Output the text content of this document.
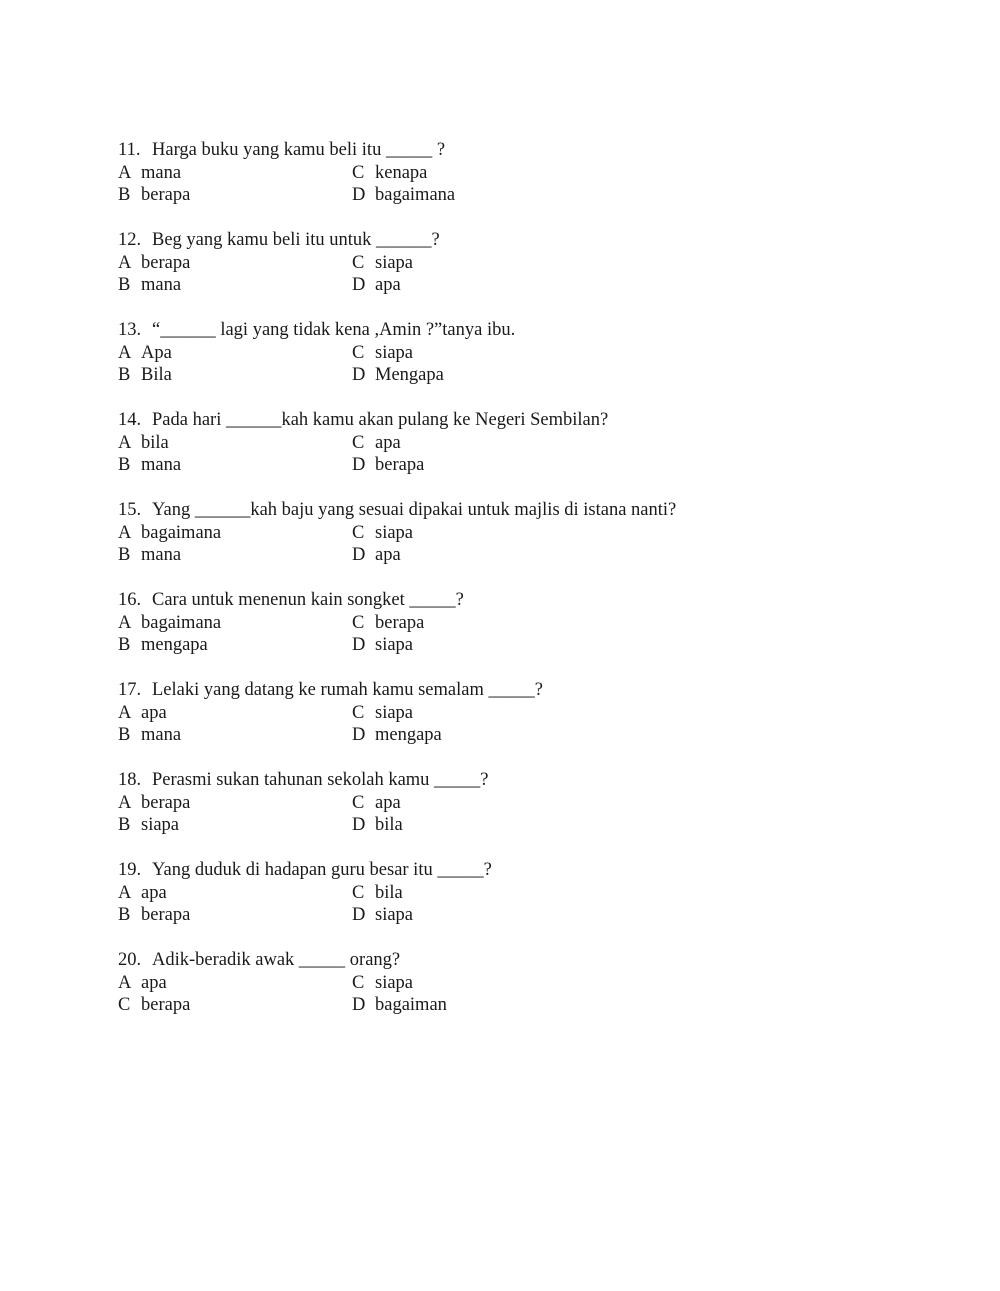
11. Harga buku yang kamu beli itu _____ ?
A mana	C kenapa
B berapa	D bagaimana
12. Beg yang kamu beli itu untuk ______?
A berapa	C siapa
B mana	D apa
13. “______ lagi yang tidak kena ,Amin ?”tanya ibu.
A Apa	C siapa
B Bila	D Mengapa
14. Pada hari ______kah kamu akan pulang ke Negeri Sembilan?
A bila	C apa
B mana	D berapa
15. Yang ______kah baju yang sesuai dipakai untuk majlis di istana nanti?
A bagaimana	C siapa
B mana	D apa
16. Cara untuk menenun kain songket _____?
A bagaimana	C berapa
B mengapa	D siapa
17. Lelaki yang datang ke rumah kamu semalam _____?
A apa	C siapa
B mana	D mengapa
18. Perasmi sukan tahunan sekolah kamu _____?
A berapa	C apa
B siapa	D bila
19. Yang duduk di hadapan guru besar itu _____?
A apa	C bila
B berapa	D siapa
20. Adik-beradik awak _____ orang?
A apa	C siapa
C berapa	D bagaiman
